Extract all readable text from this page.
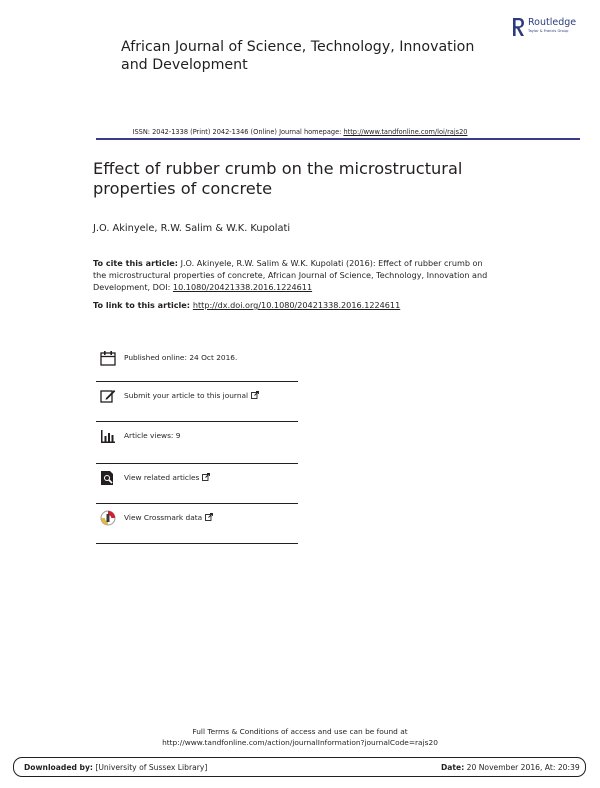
African Journal of Science, Technology, Innovation and Development
Routledge
Taylor & Francis Group
ISSN: 2042-1338 (Print) 2042-1346 (Online) Journal homepage: http://www.tandfonline.com/loi/rajs20
Effect of rubber crumb on the microstructural properties of concrete
J.O. Akinyele, R.W. Salim & W.K. Kupolati
To cite this article: J.O. Akinyele, R.W. Salim & W.K. Kupolati (2016): Effect of rubber crumb on the microstructural properties of concrete, African Journal of Science, Technology, Innovation and Development, DOI: 10.1080/20421338.2016.1224611
To link to this article: http://dx.doi.org/10.1080/20421338.2016.1224611
Published online: 24 Oct 2016.
Submit your article to this journal
Article views: 9
View related articles
View Crossmark data
Full Terms & Conditions of access and use can be found at
http://www.tandfonline.com/action/journalInformation?journalCode=rajs20
Downloaded by: [University of Sussex Library]	Date: 20 November 2016, At: 20:39
